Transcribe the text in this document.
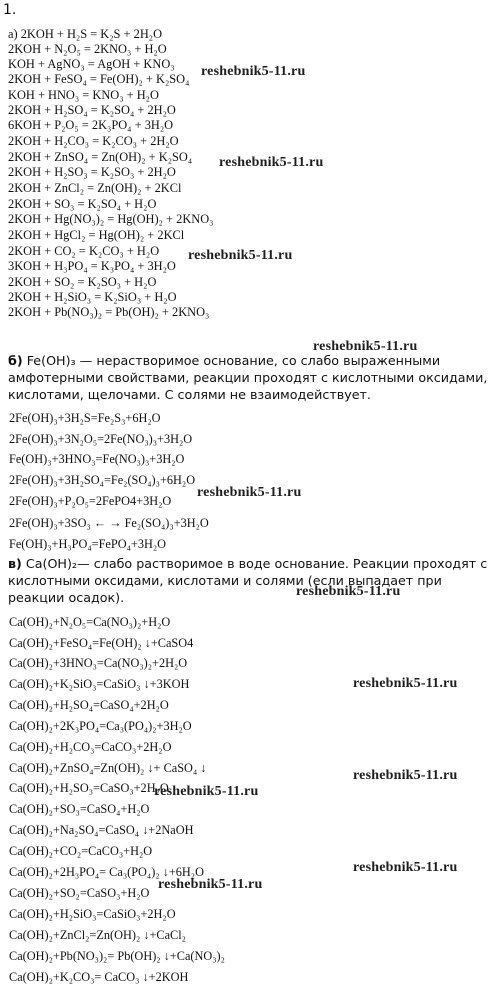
1.
а) 2KOH + H₂S = K₂S + 2H₂O
2KOH + N₂O₅ = 2KNO₃ + H₂O
KOH + AgNO₃ = AgOH + KNO₃
2KOH + FeSO₄ = Fe(OH)₂ + K₂SO₄
KOH + HNO₃ = KNO₃ + H₂O
2KOH + H₂SO₄ = K₂SO₄ + 2H₂O
6KOH + P₂O₅ = 2K₃PO₄ + 3H₂O
2KOH + H₂CO₃ = K₂CO₃ + 2H₂O
2KOH + ZnSO₄ = Zn(OH)₂ + K₂SO₄
2KOH + H₂SO₃ = K₂SO₃ + 2H₂O
2KOH + ZnCl₂ = Zn(OH)₂ + 2KCl
2KOH + SO₃ = K₂SO₄ + H₂O
2KOH + Hg(NO₃)₂ = Hg(OH)₂ + 2KNO₃
2KOH + HgCl₂ = Hg(OH)₂ + 2KCl
2KOH + CO₂ = K₂CO₃ + H₂O
3KOH + H₃PO₄ = K₃PO₄ + 3H₂O
2KOH + SO₂ = K₂SO₃ + H₂O
2KOH + H₂SiO₃ = K₂SiO₃ + H₂O
2KOH + Pb(NO₃)₂ = Pb(OH)₂ + 2KNO₃
б) Fe(OH)₃ — нерастворимое основание, со слабо выраженными амфотерными свойствами, реакции проходят с кислотными оксидами, кислотами, щелочами. С солями не взаимодействует.
2Fe(OH)₃+3H₂S=Fe₂S₃+6H₂O
2Fe(OH)₃+3N₂O₅=2Fe(NO₃)₃+3H₂O
Fe(OH)₃+3HNO₃=Fe(NO₃)₃+3H₂O
2Fe(OH)₃+3H₂SO₄=Fe₂(SO₄)₃+6H₂O
2Fe(OH)₃+P₂O₅=2FePO4+3H₂O
2Fe(OH)₃+3SO₃ ← → Fe₂(SO₄)₃+3H₂O
Fe(OH)₃+H₃PO₄=FePO₄+3H₂O
в) Ca(OH)₂— слабо растворимое в воде основание. Реакции проходят с кислотными оксидами, кислотами и солями (если выпадает при реакции осадок).
Ca(OH)₂+N₂O₅=Ca(NO₃)₂+H₂O
Ca(OH)₂+FeSO₄=Fe(OH)₂ ↓+CaSO4
Ca(OH)₂+3HNO₃=Ca(NO₃)₂+2H₂O
Ca(OH)₂+K₂SiO₃=CaSiO₃ ↓+3KOH
Ca(OH)₂+H₂SO₄=CaSO₄+2H₂O
Ca(OH)₂+2K₃PO₄=Ca₃(PO₄)₂+3H₂O
Ca(OH)₂+H₂CO₃=CaCO₃+2H₂O
Ca(OH)₂+ZnSO₄=Zn(OH)₂ ↓+ CaSO₄ ↓
Ca(OH)₂+H₂SO₃=CaSO₃+2H₂O
Ca(OH)₂+SO₃=CaSO₄+H₂O
Ca(OH)₂+Na₂SO₄=CaSO₄ ↓+2NaOH
Ca(OH)₂+CO₂=CaCO₃+H₂O
Ca(OH)₂+2H₃PO₄= Ca₃(PO₄)₂ ↓+6H₂O
Ca(OH)₂+SO₂=CaSO₃+H₂O
Ca(OH)₂+H₂SiO₃=CaSiO₃+2H₂O
Ca(OH)₂+ZnCl₂=Zn(OH)₂ ↓+CaCl₂
Ca(OH)₂+Pb(NO₃)₂= Pb(OH)₂ ↓+Ca(NO₃)₂
Ca(OH)₂+K₂CO₃= CaCO₃ ↓+2KOH
reshebnik5-11.ru
reshebnik5-11.ru
reshebnik5-11.ru
reshebnik5-11.ru
reshebnik5-11.ru
reshebnik5-11.ru
reshebnik5-11.ru
reshebnik5-11.ru
reshebnik5-11.ru
reshebnik5-11.ru
reshebnik5-11.ru
